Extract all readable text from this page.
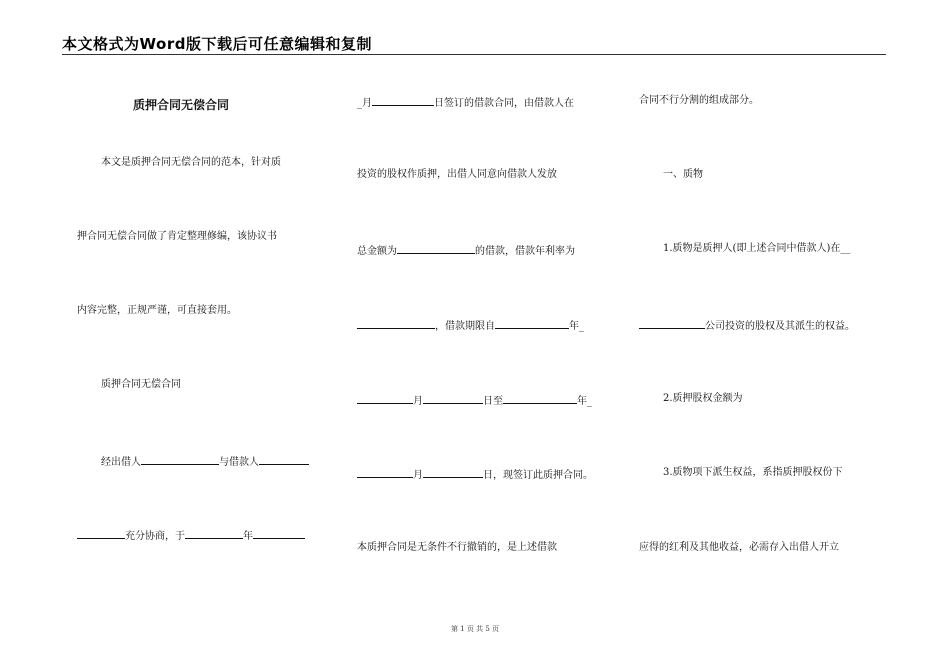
本文格式为Word版下载后可任意编辑和复制
质押合同无偿合同
本文是质押合同无偿合同的范本，针对质
押合同无偿合同做了肯定整理修编，该协议书
内容完整，正规严谨，可直接套用。
质押合同无偿合同
经出借人	与借款人
充分协商，于	年
_月	日签订的借款合同，由借款人在
投资的股权作质押，出借人同意向借款人发放
总金额为	的借款，借款年利率为
，借款期限自	年_
月	日至	年_
月	日，现签订此质押合同。
本质押合同是无条件不行撤销的，是上述借款
合同不行分割的组成部分。
一、质物
1.质物是质押人(即上述合同中借款人)在__
公司投资的股权及其派生的权益。
2.质押股权金额为
3.质物项下派生权益，系指质押股权份下
应得的红利及其他收益，必需存入出借人开立
第 1 页 共 5 页
